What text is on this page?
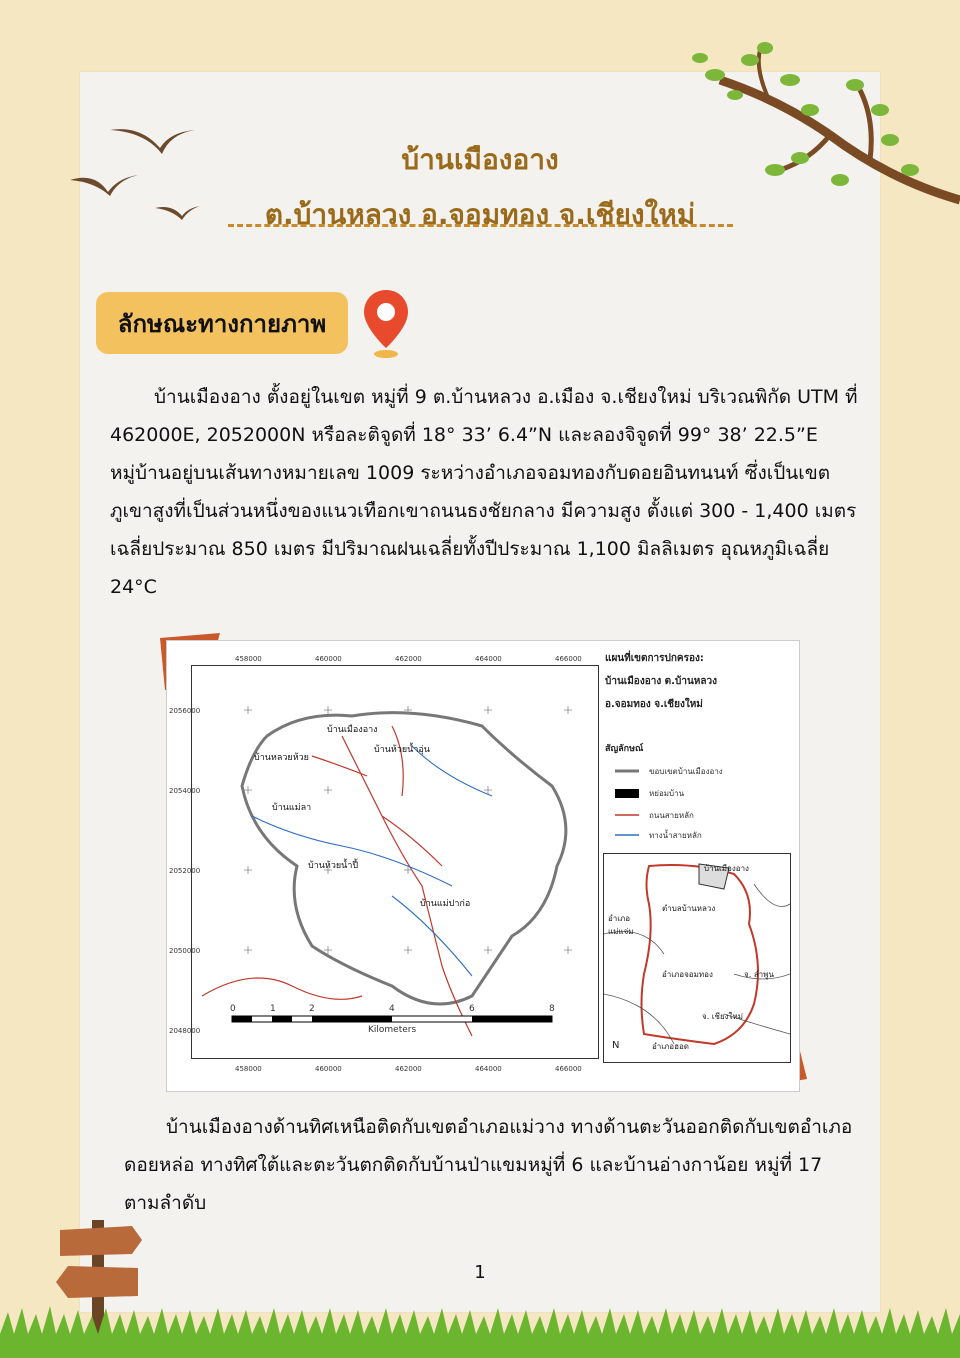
บ้านเมืองอาง
ต.บ้านหลวง อ.จอมทอง จ.เชียงใหม่
ลักษณะทางกายภาพ

บ้านเมืองอาง ตั้งอยู่ในเขต หมู่ที่ 9 ต.บ้านหลวง อ.เมือง จ.เชียงใหม่ บริเวณพิกัด UTM ที่ 462000E, 2052000N หรือละติจูดที่ 18° 33’ 6.4”N และลองจิจูดที่ 99° 38’ 22.5”E หมู่บ้านอยู่บนเส้นทางหมายเลข 1009 ระหว่างอำเภอจอมทองกับดอยอินทนนท์ ซึ่งเป็นเขตภูเขาสูงที่เป็นส่วนหนึ่งของแนวเทือกเขาถนนธงชัยกลาง มีความสูง ตั้งแต่ 300 - 1,400 เมตร เฉลี่ยประมาณ 850 เมตร มีปริมาณฝนเฉลี่ยทั้งปีประมาณ 1,100 มิลลิเมตร อุณหภูมิเฉลี่ย 24°C

0	1	2	4	6	8
Kilometers
บ้านเมืองอาง
บ้านหลวยห้วย
บ้านห้วยน้ำอุ่น
บ้านแม่ลา
บ้านห้วยน้ำปี้
บ้านแม่ปาก่อ
458000	460000	462000	464000	466000
458000	460000	462000	464000	466000
2056000
2054000
2052000
2050000
2048000
แผนที่เขตการปกครอง:
บ้านเมืองอาง ต.บ้านหลวง
อ.จอมทอง จ.เชียงใหม่
สัญลักษณ์
ขอบเขตบ้านเมืองอาง
หย่อมบ้าน
ถนนสายหลัก
ทางน้ำสายหลัก
บ้านเมืองอาง
ตำบลบ้านหลวง
อำเภอ แม่แจ่ม
อำเภอจอมทอง	จ. ลำพูน
จ. เชียงใหม่
อำเภอฮอด
N

บ้านเมืองอางด้านทิศเหนือติดกับเขตอำเภอแม่วาง ทางด้านตะวันออกติดกับเขตอำเภอดอยหล่อ ทางทิศใต้และตะวันตกติดกับบ้านป่าแขมหมู่ที่ 6 และบ้านอ่างกาน้อย หมู่ที่ 17 ตามลำดับ

1
